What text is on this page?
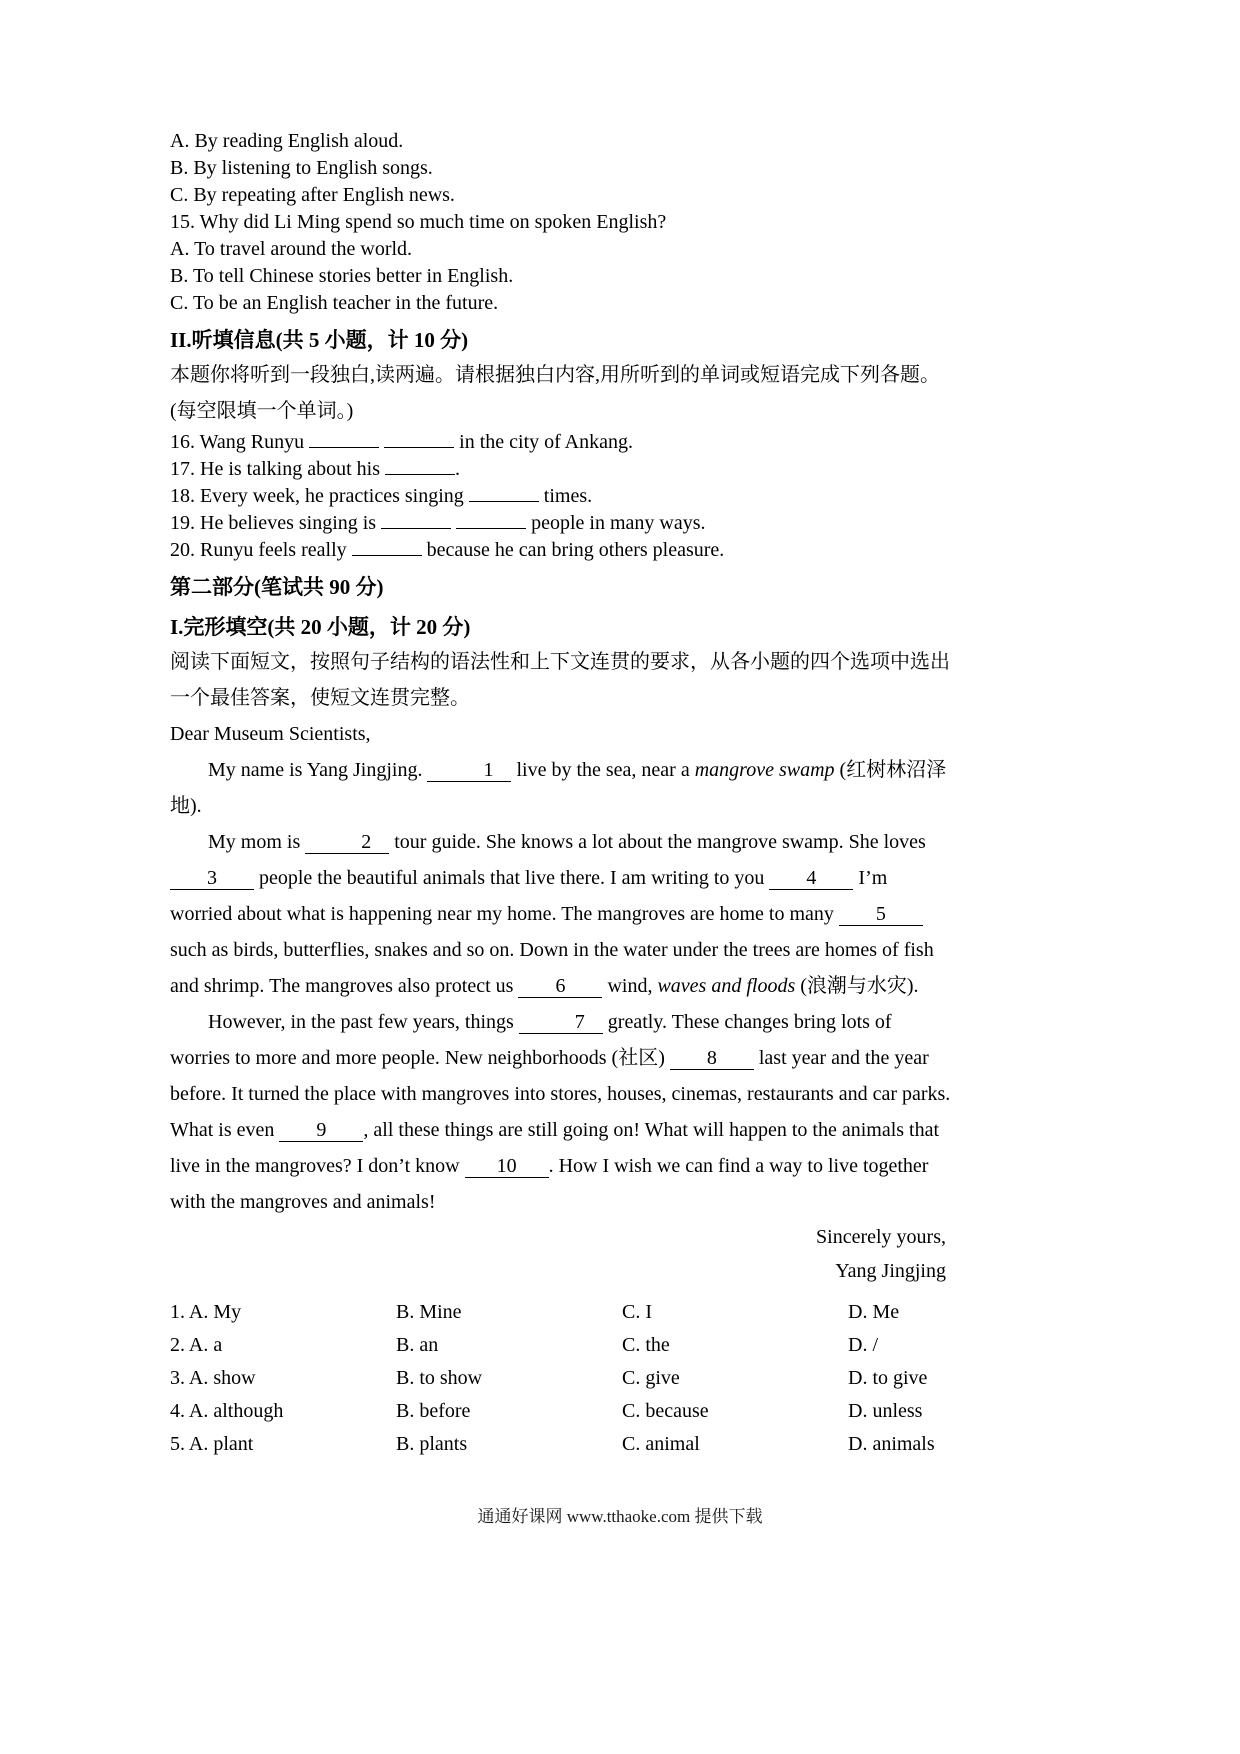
A. By reading English aloud.
B. By listening to English songs.
C. By repeating after English news.
15. Why did Li Ming spend so much time on spoken English?
A. To travel around the world.
B. To tell Chinese stories better in English.
C. To be an English teacher in the future.
II.听填信息(共 5 小题，计 10 分)
本题你将听到一段独白,读两遍。请根据独白内容,用所听到的单词或短语完成下列各题。
(每空限填一个单词。)
16. Wang Runyu	in the city of Ankang.
17. He is talking about his	.
18. Every week, he practices singing	times.
19. He believes singing is	people in many ways.
20. Runyu feels really	because he can bring others pleasure.
第二部分(笔试共 90 分)
I.完形填空(共 20 小题，计 20 分)
阅读下面短文，按照句子结构的语法性和上下文连贯的要求，从各小题的四个选项中选出
一个最佳答案，使短文连贯完整。
Dear Museum Scientists,
My name is Yang Jingjing.	1 live by the sea, near a mangrove swamp (红树林沼泽
地).
My mom is	2 tour guide. She knows a lot about the mangrove swamp. She loves
3 people the beautiful animals that live there. I am writing to you 4 I’m
worried about what is happening near my home. The mangroves are home to many 5
such as birds, butterflies, snakes and so on. Down in the water under the trees are homes of fish
and shrimp. The mangroves also protect us 6 wind, waves and floods (浪潮与水灾).
However, in the past few years, things	7 greatly. These changes bring lots of
worries to more and more people. New neighborhoods (社区) 8 last year and the year
before. It turned the place with mangroves into stores, houses, cinemas, restaurants and car parks.
What is even 9 , all these things are still going on! What will happen to the animals that
live in the mangroves? I don’t know 10 . How I wish we can find a way to live together
with the mangroves and animals!
Sincerely yours,
Yang Jingjing
1. A. My	B. Mine	C. I	D. Me
2. A. a	B. an	C. the	D. /
3. A. show	B. to show	C. give	D. to give
4. A. although	B. before	C. because	D. unless
5. A. plant	B. plants	C. animal	D. animals
通通好课网 www.tthaoke.com 提供下载
